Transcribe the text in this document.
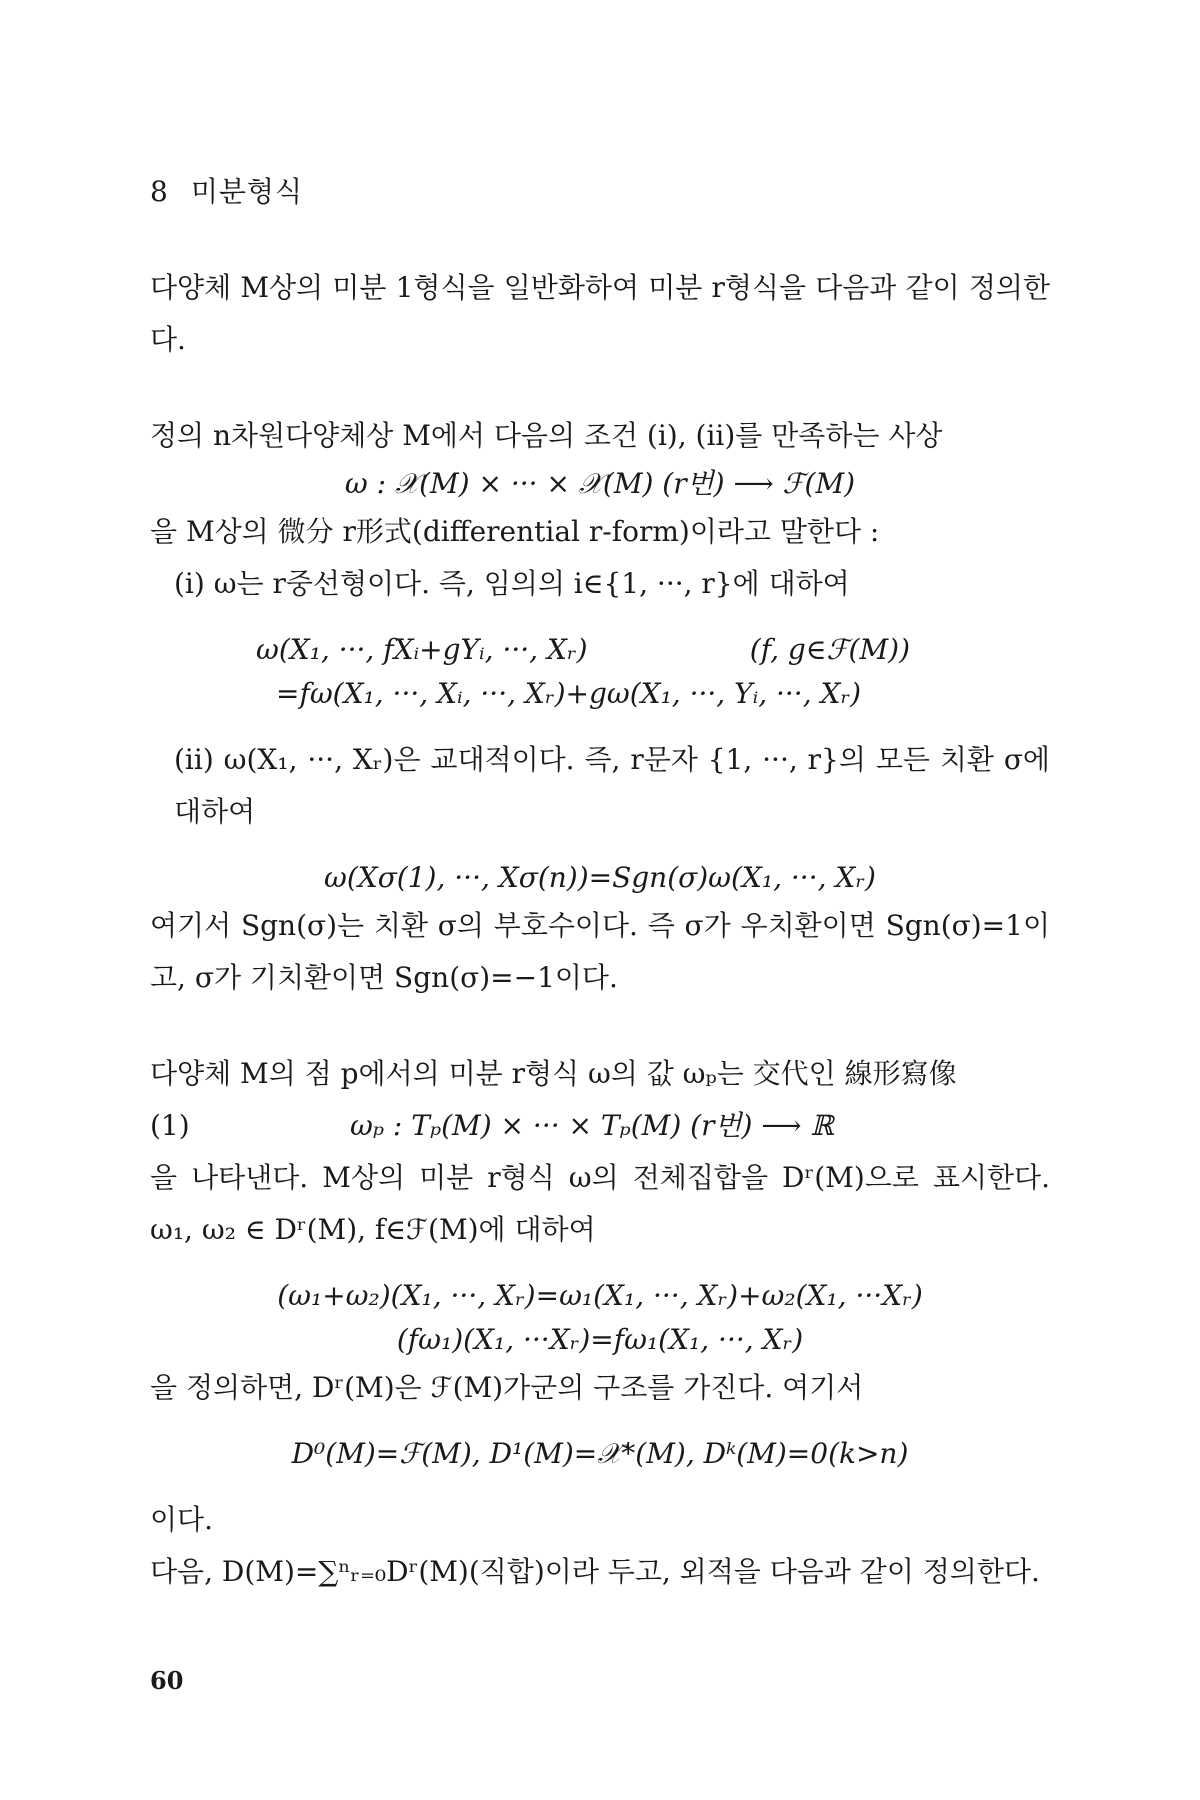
8 미분형식

다양체 M상의 미분 1형식을 일반화하여 미분 r형식을 다음과 같이 정의한다.

정의 n차원다양체상 M에서 다음의 조건 (i), (ii)를 만족하는 사상

ω : 𝒳(M) × ··· × 𝒳(M) (r번) ⟶ ℱ(M)

을 M상의 微分 r形式(differential r-form)이라고 말한다 :

(i) ω는 r중선형이다. 즉, 임의의 i∈{1, ···, r}에 대하여

ω(X₁, ···, fXᵢ+gYᵢ, ···, Xᵣ)	(f, g∈ℱ(M))
=fω(X₁, ···, Xᵢ, ···, Xᵣ)+gω(X₁, ···, Yᵢ, ···, Xᵣ)

(ii) ω(X₁, ···, Xᵣ)은 교대적이다. 즉, r문자 {1, ···, r}의 모든 치환 σ에 대하여

ω(Xσ(1), ···, Xσ(n))=Sgn(σ)ω(X₁, ···, Xᵣ)

여기서 Sgn(σ)는 치환 σ의 부호수이다. 즉 σ가 우치환이면 Sgn(σ)=1이고, σ가 기치환이면 Sgn(σ)=−1이다.

다양체 M의 점 p에서의 미분 r형식 ω의 값 ωₚ는 交代인 線形寫像

(1)	ωₚ : Tₚ(M) × ··· × Tₚ(M) (r번) ⟶ ℝ

을 나타낸다. M상의 미분 r형식 ω의 전체집합을 Dʳ(M)으로 표시한다. ω₁, ω₂ ∈ Dʳ(M), f∈ℱ(M)에 대하여

(ω₁+ω₂)(X₁, ···, Xᵣ)=ω₁(X₁, ···, Xᵣ)+ω₂(X₁, ···Xᵣ)
(fω₁)(X₁, ···Xᵣ)=fω₁(X₁, ···, Xᵣ)

을 정의하면, Dʳ(M)은 ℱ(M)가군의 구조를 가진다. 여기서

D⁰(M)=ℱ(M), D¹(M)=𝒳*(M), Dᵏ(M)=0(k>n)

이다.

다음, D(M)=∑ⁿᵣ₌₀Dʳ(M)(직합)이라 두고, 외적을 다음과 같이 정의한다.

60
